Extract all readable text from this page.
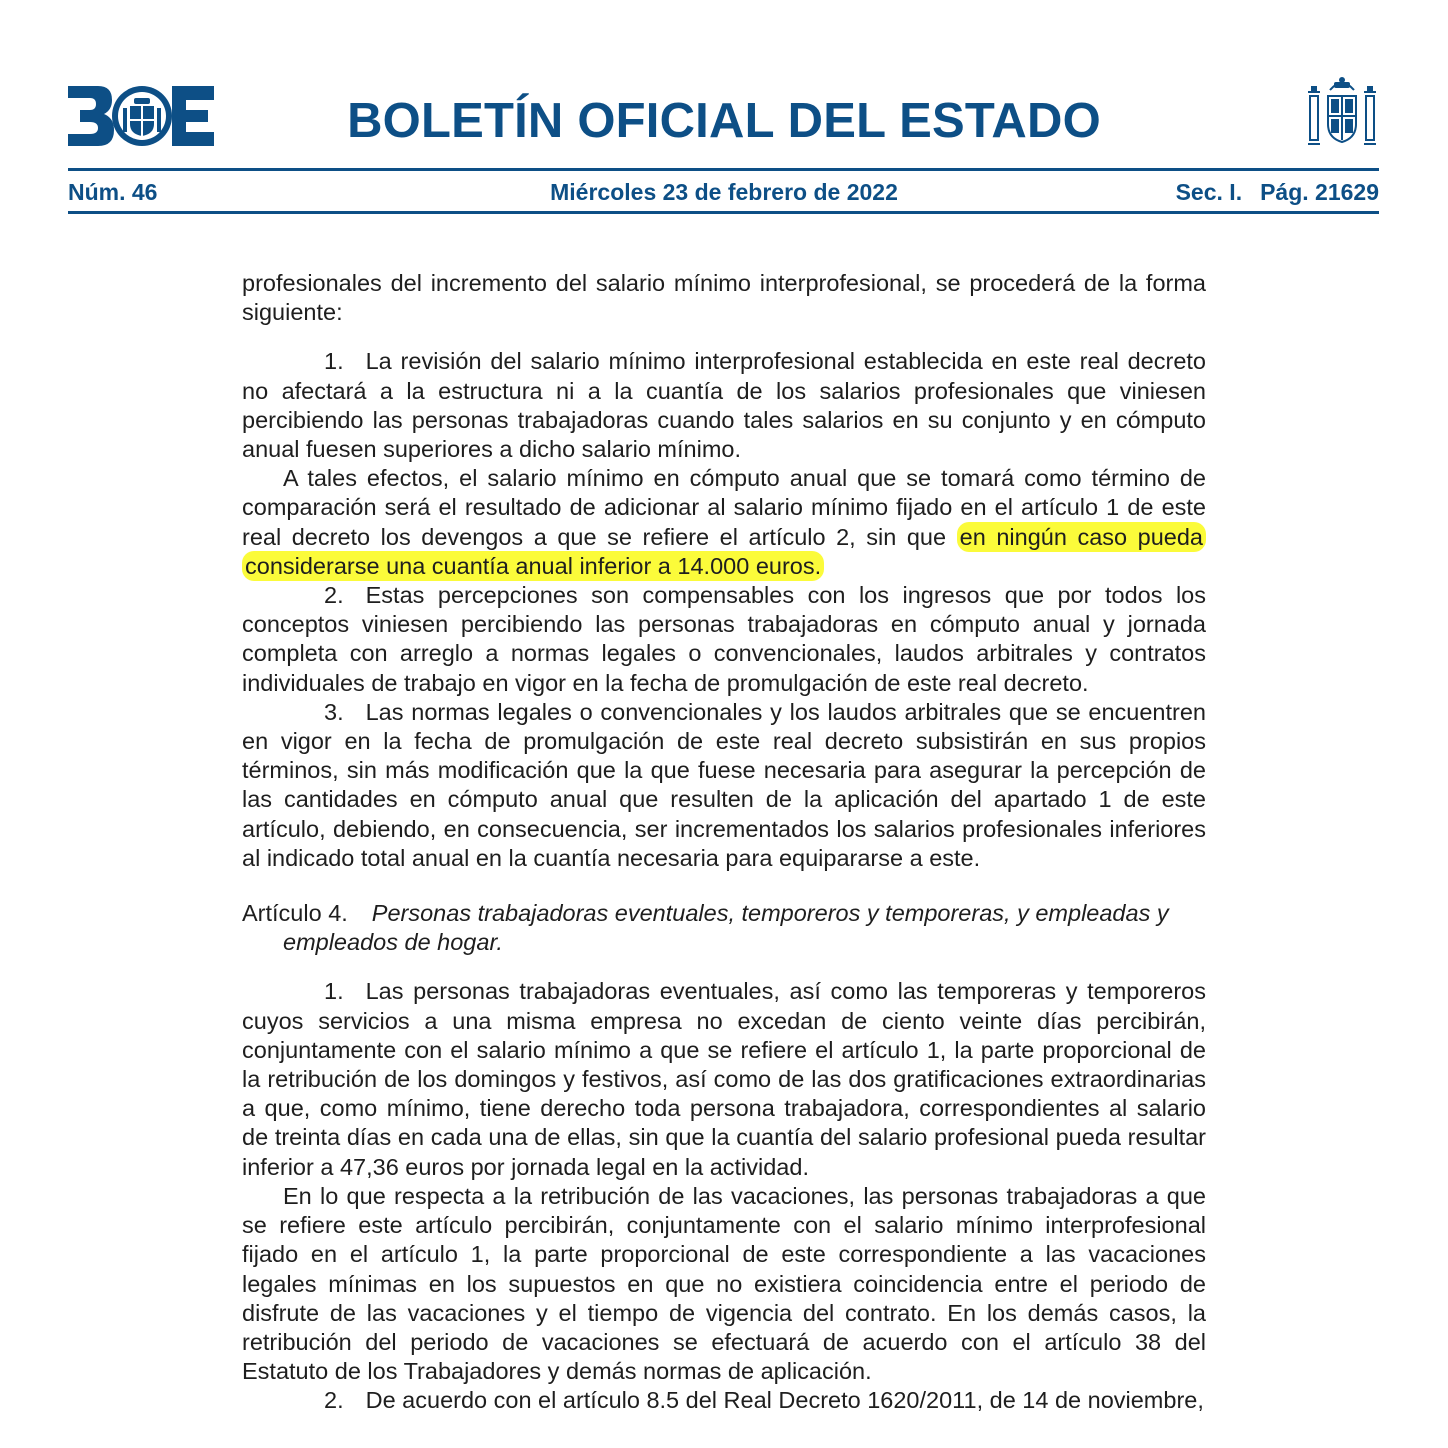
BOLETÍN OFICIAL DEL ESTADO
Núm. 46	Miércoles 23 de febrero de 2022	Sec. I. Pág. 21629

profesionales del incremento del salario mínimo interprofesional, se procederá de la forma siguiente:

1. La revisión del salario mínimo interprofesional establecida en este real decreto no afectará a la estructura ni a la cuantía de los salarios profesionales que viniesen percibiendo las personas trabajadoras cuando tales salarios en su conjunto y en cómputo anual fuesen superiores a dicho salario mínimo.

A tales efectos, el salario mínimo en cómputo anual que se tomará como término de comparación será el resultado de adicionar al salario mínimo fijado en el artículo 1 de este real decreto los devengos a que se refiere el artículo 2, sin que en ningún caso pueda considerarse una cuantía anual inferior a 14.000 euros.

2. Estas percepciones son compensables con los ingresos que por todos los conceptos viniesen percibiendo las personas trabajadoras en cómputo anual y jornada completa con arreglo a normas legales o convencionales, laudos arbitrales y contratos individuales de trabajo en vigor en la fecha de promulgación de este real decreto.

3. Las normas legales o convencionales y los laudos arbitrales que se encuentren en vigor en la fecha de promulgación de este real decreto subsistirán en sus propios términos, sin más modificación que la que fuese necesaria para asegurar la percepción de las cantidades en cómputo anual que resulten de la aplicación del apartado 1 de este artículo, debiendo, en consecuencia, ser incrementados los salarios profesionales inferiores al indicado total anual en la cuantía necesaria para equipararse a este.

Artículo 4. Personas trabajadoras eventuales, temporeros y temporeras, y empleadas y empleados de hogar.

1. Las personas trabajadoras eventuales, así como las temporeras y temporeros cuyos servicios a una misma empresa no excedan de ciento veinte días percibirán, conjuntamente con el salario mínimo a que se refiere el artículo 1, la parte proporcional de la retribución de los domingos y festivos, así como de las dos gratificaciones extraordinarias a que, como mínimo, tiene derecho toda persona trabajadora, correspondientes al salario de treinta días en cada una de ellas, sin que la cuantía del salario profesional pueda resultar inferior a 47,36 euros por jornada legal en la actividad.

En lo que respecta a la retribución de las vacaciones, las personas trabajadoras a que se refiere este artículo percibirán, conjuntamente con el salario mínimo interprofesional fijado en el artículo 1, la parte proporcional de este correspondiente a las vacaciones legales mínimas en los supuestos en que no existiera coincidencia entre el periodo de disfrute de las vacaciones y el tiempo de vigencia del contrato. En los demás casos, la retribución del periodo de vacaciones se efectuará de acuerdo con el artículo 38 del Estatuto de los Trabajadores y demás normas de aplicación.

2. De acuerdo con el artículo 8.5 del Real Decreto 1620/2011, de 14 de noviembre,
